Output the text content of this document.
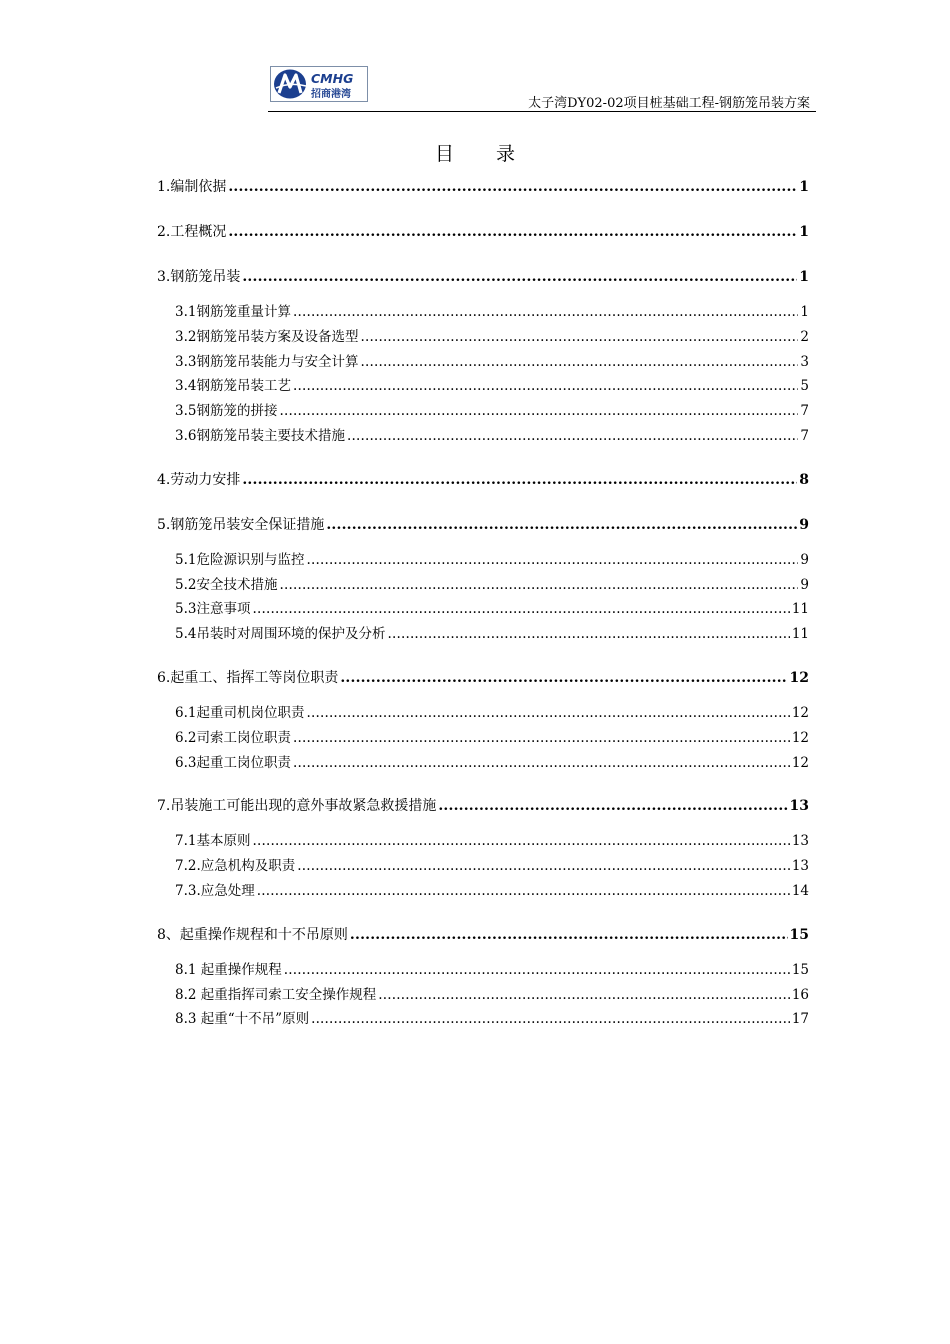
CMHG
招商港湾
太子湾DY02-02项目桩基础工程-钢筋笼吊装方案
目录
1.编制依据 .....	1
2.工程概况 .....	1
3.钢筋笼吊装 .....	1
3.1钢筋笼重量计算 .....	1
3.2钢筋笼吊装方案及设备选型 .....	2
3.3钢筋笼吊装能力与安全计算 .....	3
3.4钢筋笼吊装工艺 .....	5
3.5钢筋笼的拼接 .....	7
3.6钢筋笼吊装主要技术措施 .....	7
4.劳动力安排 .....	8
5.钢筋笼吊装安全保证措施 .....	9
5.1危险源识别与监控 .....	9
5.2安全技术措施 .....	9
5.3注意事项 .....	11
5.4吊装时对周围环境的保护及分析 .....	11
6.起重工、指挥工等岗位职责 .....	12
6.1起重司机岗位职责 .....	12
6.2司索工岗位职责 .....	12
6.3起重工岗位职责 .....	12
7.吊装施工可能出现的意外事故紧急救援措施 .....	13
7.1基本原则 .....	13
7.2.应急机构及职责 .....	13
7.3.应急处理 .....	14
8、起重操作规程和十不吊原则 .....	15
8.1 起重操作规程 .....	15
8.2 起重指挥司索工安全操作规程 .....	16
8.3 起重“十不吊”原则 .....	17
